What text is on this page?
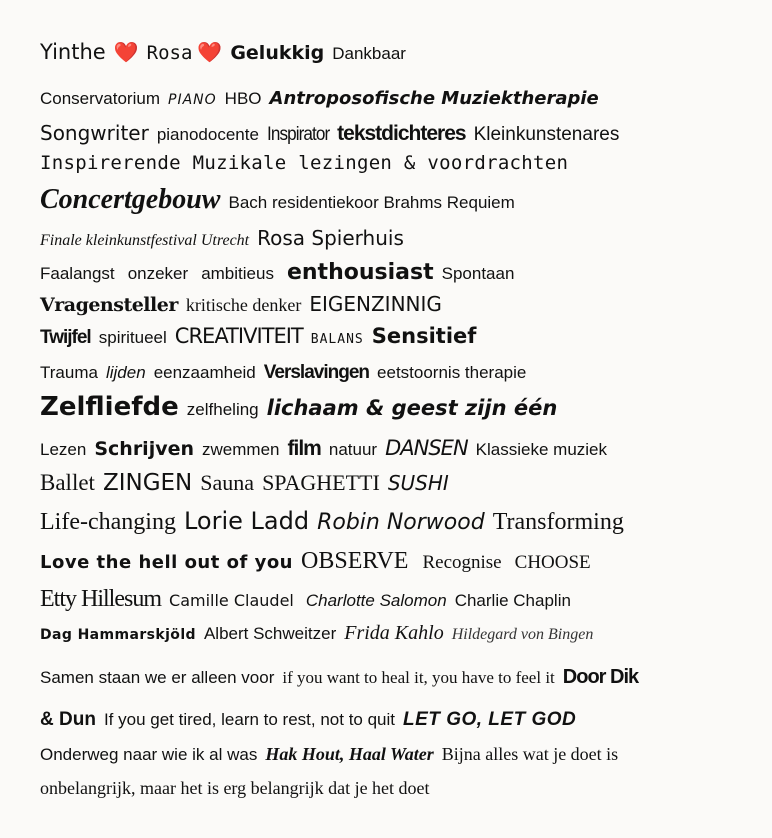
Yinthe ❤️ Rosa ❤️ Gelukkig Dankbaar
Conservatorium PIANO HBO Antroposofische Muziektherapie
Songwriter pianodocente Inspirator tekstdichteres Kleinkunstenares
Inspirerende Muzikale lezingen & voordrachten
Concertgebouw Bach residentiekoor Brahms Requiem
Finale kleinkunstfestival Utrecht Rosa Spierhuis
Faalangst onzeker ambitieus enthousiast Spontaan
Vragensteller kritische denker EIGENZINNIG
Twijfel spiritueel CREATIVITEIT BALANS Sensitief
Trauma lijden eenzaamheid Verslavingen eetstoornis therapie
Zelfliefde zelfheling lichaam & geest zijn één
Lezen Schrijven zwemmen film natuur DANSEN Klassieke muziek
Ballet ZINGEN Sauna SPAGHETTI SUSHI
Life-changing Lorie Ladd Robin Norwood Transforming
Love the hell out of you OBSERVE Recognise CHOOSE
Etty Hillesum Camille Claudel Charlotte Salomon Charlie Chaplin
Dag Hammarskjöld Albert Schweitzer Frida Kahlo Hildegard von Bingen
Samen staan we er alleen voor if you want to heal it, you have to feel it Door Dik
& Dun If you get tired, learn to rest, not to quit LET GO, LET GOD
Onderweg naar wie ik al was Hak Hout, Haal Water Bijna alles wat je doet is
onbelangrijk, maar het is erg belangrijk dat je het doet
